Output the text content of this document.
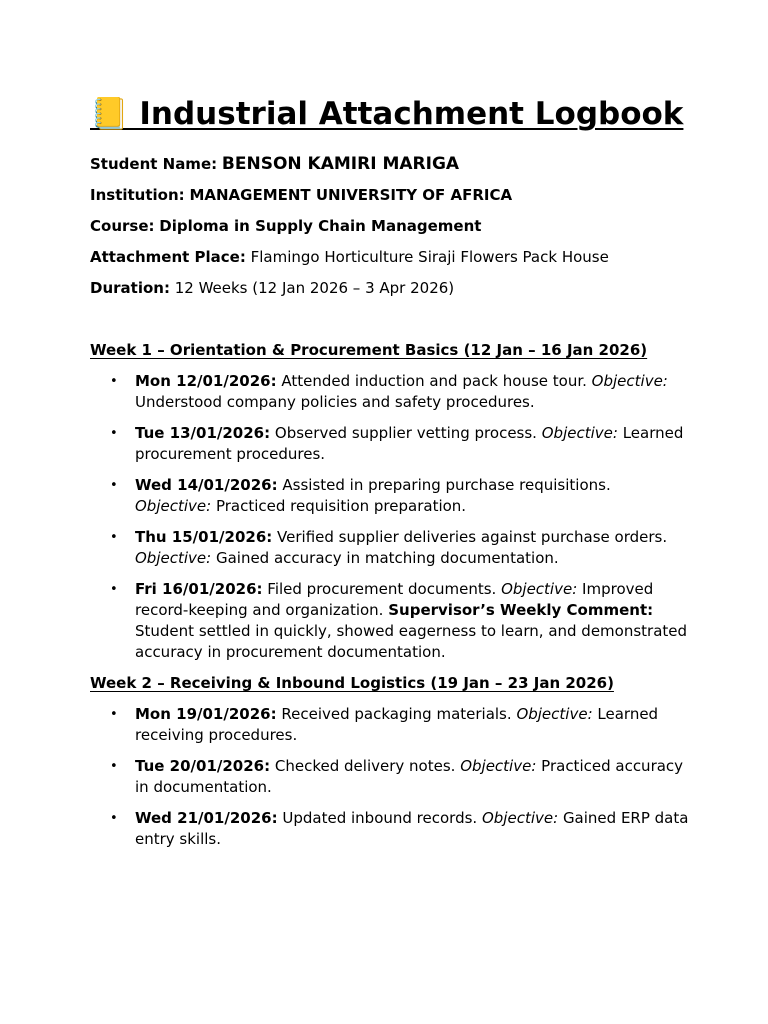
📒 Industrial Attachment Logbook

Student Name: BENSON KAMIRI MARIGA

Institution: MANAGEMENT UNIVERSITY OF AFRICA

Course: Diploma in Supply Chain Management

Attachment Place: Flamingo Horticulture Siraji Flowers Pack House

Duration: 12 Weeks (12 Jan 2026 – 3 Apr 2026)

Week 1 – Orientation & Procurement Basics (12 Jan – 16 Jan 2026)

• Mon 12/01/2026: Attended induction and pack house tour. Objective: Understood company policies and safety procedures.
• Tue 13/01/2026: Observed supplier vetting process. Objective: Learned procurement procedures.
• Wed 14/01/2026: Assisted in preparing purchase requisitions. Objective: Practiced requisition preparation.
• Thu 15/01/2026: Verified supplier deliveries against purchase orders. Objective: Gained accuracy in matching documentation.
• Fri 16/01/2026: Filed procurement documents. Objective: Improved record-keeping and organization. Supervisor’s Weekly Comment: Student settled in quickly, showed eagerness to learn, and demonstrated accuracy in procurement documentation.

Week 2 – Receiving & Inbound Logistics (19 Jan – 23 Jan 2026)

• Mon 19/01/2026: Received packaging materials. Objective: Learned receiving procedures.
• Tue 20/01/2026: Checked delivery notes. Objective: Practiced accuracy in documentation.
• Wed 21/01/2026: Updated inbound records. Objective: Gained ERP data entry skills.
